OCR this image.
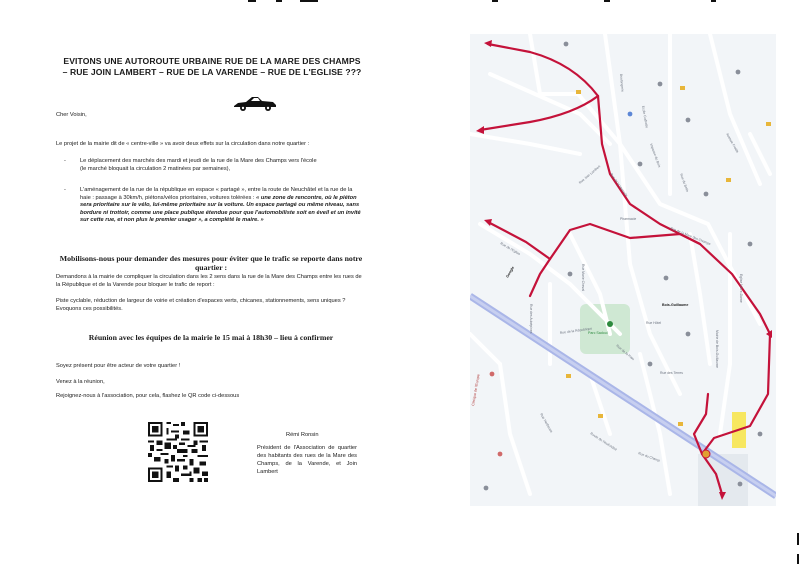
EVITONS UNE AUTOROUTE URBAINE RUE DE LA MARE DES CHAMPS – RUE JOIN LAMBERT – RUE DE LA VARENDE – RUE DE L'EGLISE ???
Cher Voisin,
Le projet de la mairie dit de « centre-ville » va avoir deux effets sur la circulation dans notre quartier :
- Le déplacement des marchés des mardi et jeudi de la rue de la Mare des Champs vers l'école
(le marché bloquait la circulation 2 matinées par semaines),
- L'aménagement de la rue de la république en espace « partagé », entre la route de Neuchâtel et la rue de la haie : passage à 30km/h, piétons/vélos prioritaires, voitures tolérées : « une zone de rencontre, où le piéton sera prioritaire sur le vélo, lui-même prioritaire sur la voiture. Un espace partagé ou même niveau, sans bordure ni trottoir, comme une place publique étendue pour que l'automobiliste soit en éveil et un invité sur cette rue, et non plus le premier usager », a complété le maire. »
Mobilisons-nous pour demander des mesures pour éviter que le trafic se reporte dans notre quartier :
Demandons à la mairie de compliquer la circulation dans les 2 sens dans la rue de la Mare des Champs entre les rues de la République et de la Varende pour bloquer le trafic de report :
Piste cyclable, réduction de largeur de voirie et création d'espaces verts, chicanes, stationnements, sens uniques ? Evoquons ces possibilités.
Réunion avec les équipes de la mairie le 15 mai à 18h30 – lieu à confirmer
Soyez présent pour être acteur de votre quartier !
Venez à la réunion,
Rejoignez-nous à l'association, pour cela, flashez le QR code ci-dessous
Rémi Ronsin
Président de l'Association de quartier des habitants des rues de la Mare des Champs, de la Varende, et Join Lambert
Bois-Guillaume
Rue de la République
Rue de la Haie
Rue de la Mare des Champs
Rue de la Varende
Rue de l'Eglise
Rue Join Lambert
Parc Sadoul	Mairie de Bois-Guillaume
Ecole Codrette
Clinique de l'Europe
Pharmacie
Impasse du Bois
Route de Neufchâtel
Rue Herbeuse
Rue du Belle
Avenue Froide
Rue du Champ
Google
Boulangerie
Rue Hôtel
Rue des Terres
Eglise Notre-Dame
Rue des Aubépines
Rue Marie Cheval
